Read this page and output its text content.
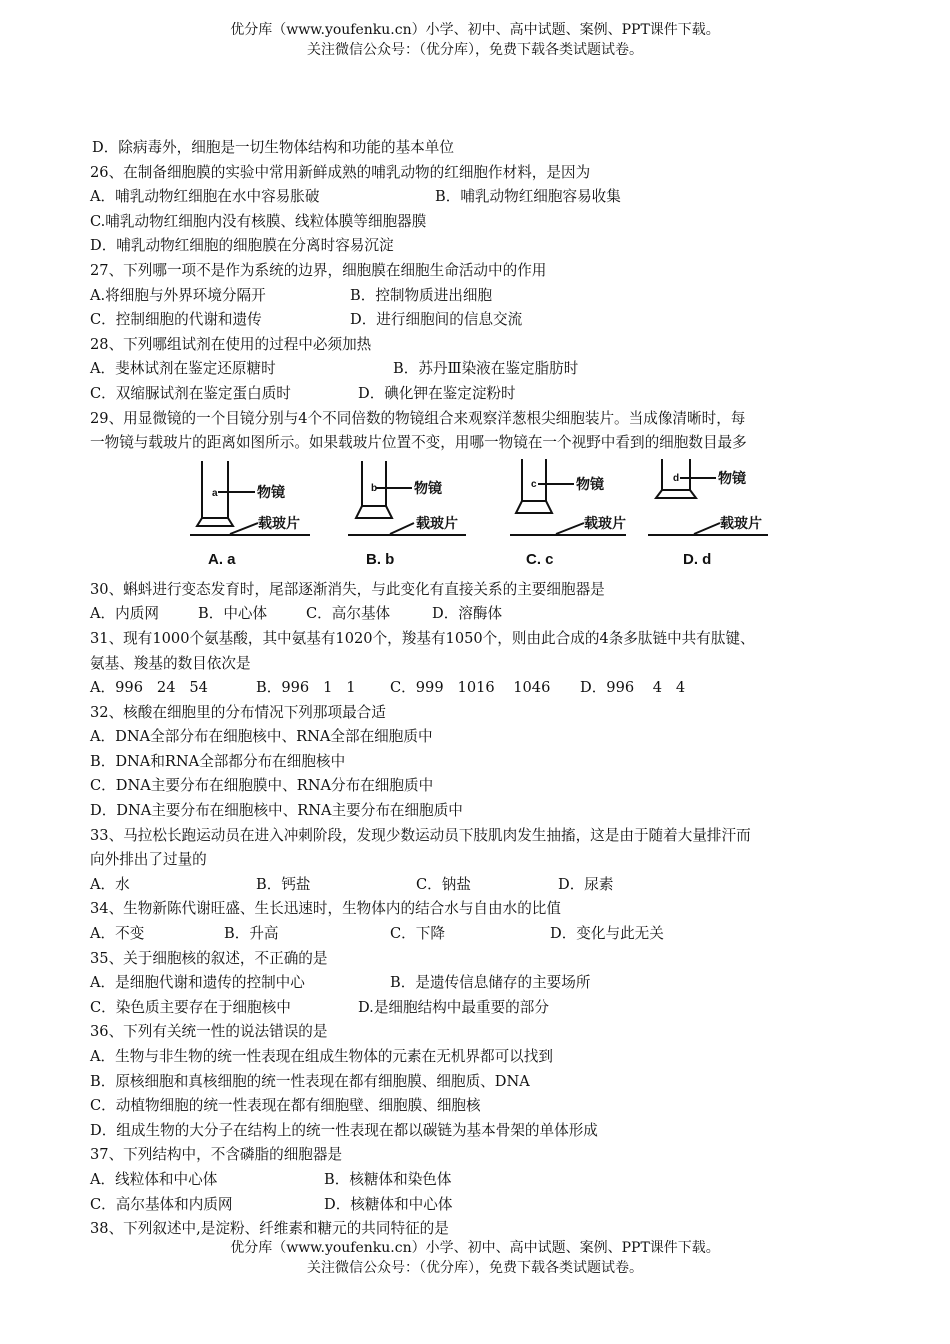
优分库（www.youfenku.cn）小学、初中、高中试题、案例、PPT课件下载。
关注微信公众号：（优分库），免费下载各类试题试卷。
D．除病毒外，细胞是一切生物体结构和功能的基本单位
26、在制备细胞膜的实验中常用新鲜成熟的哺乳动物的红细胞作材料，是因为
A．哺乳动物红细胞在水中容易胀破	B．哺乳动物红细胞容易收集
C.哺乳动物红细胞内没有核膜、线粒体膜等细胞器膜
D．哺乳动物红细胞的细胞膜在分离时容易沉淀
27、下列哪一项不是作为系统的边界，细胞膜在细胞生命活动中的作用
A.将细胞与外界环境分隔开	B．控制物质进出细胞
C．控制细胞的代谢和遗传	D．进行细胞间的信息交流
28、下列哪组试剂在使用的过程中必须加热
A．斐林试剂在鉴定还原糖时	B．苏丹Ⅲ染液在鉴定脂肪时
C．双缩脲试剂在鉴定蛋白质时	D．碘化钾在鉴定淀粉时
29、用显微镜的一个目镜分别与4个不同倍数的物镜组合来观察洋葱根尖细胞装片。当成像清晰时，每
一物镜与载玻片的距离如图所示。如果载玻片位置不变，用哪一物镜在一个视野中看到的细胞数目最多
a	b	c
d
物镜	物镜	物镜	物镜
载玻片	载玻片	载玻片	载玻片
A. a	B. b	C. c	D. d
30、蝌蚪进行变态发育时，尾部逐渐消失，与此变化有直接关系的主要细胞器是
A．内质网	B．中心体	C．高尔基体	D．溶酶体
31、现有1000个氨基酸，其中氨基有1020个，羧基有1050个，则由此合成的4条多肽链中共有肽键、
氨基、羧基的数目依次是
A．996   24   54	B．996   1   1	C．999   1016    1046	D．996    4   4
32、核酸在细胞里的分布情况下列那项最合适
A．DNA全部分布在细胞核中、RNA全部在细胞质中
B．DNA和RNA全部都分布在细胞核中
C．DNA主要分布在细胞膜中、RNA分布在细胞质中
D．DNA主要分布在细胞核中、RNA主要分布在细胞质中
33、马拉松长跑运动员在进入冲刺阶段，发现少数运动员下肢肌肉发生抽搐，这是由于随着大量排汗而
向外排出了过量的
A．水	B．钙盐	C．钠盐	D．尿素
34、生物新陈代谢旺盛、生长迅速时，生物体内的结合水与自由水的比值
A．不变	B．升高	C．下降	D．变化与此无关
35、关于细胞核的叙述，不正确的是
A．是细胞代谢和遗传的控制中心	B．是遗传信息储存的主要场所
C．染色质主要存在于细胞核中	D.是细胞结构中最重要的部分
36、下列有关统一性的说法错误的是
A．生物与非生物的统一性表现在组成生物体的元素在无机界都可以找到
B．原核细胞和真核细胞的统一性表现在都有细胞膜、细胞质、DNA
C．动植物细胞的统一性表现在都有细胞壁、细胞膜、细胞核
D．组成生物的大分子在结构上的统一性表现在都以碳链为基本骨架的单体形成
37、下列结构中，不含磷脂的细胞器是
A．线粒体和中心体	B．核糖体和染色体
C．高尔基体和内质网	D．核糖体和中心体
38、下列叙述中,是淀粉、纤维素和糖元的共同特征的是
优分库（www.youfenku.cn）小学、初中、高中试题、案例、PPT课件下载。
关注微信公众号：（优分库），免费下载各类试题试卷。
